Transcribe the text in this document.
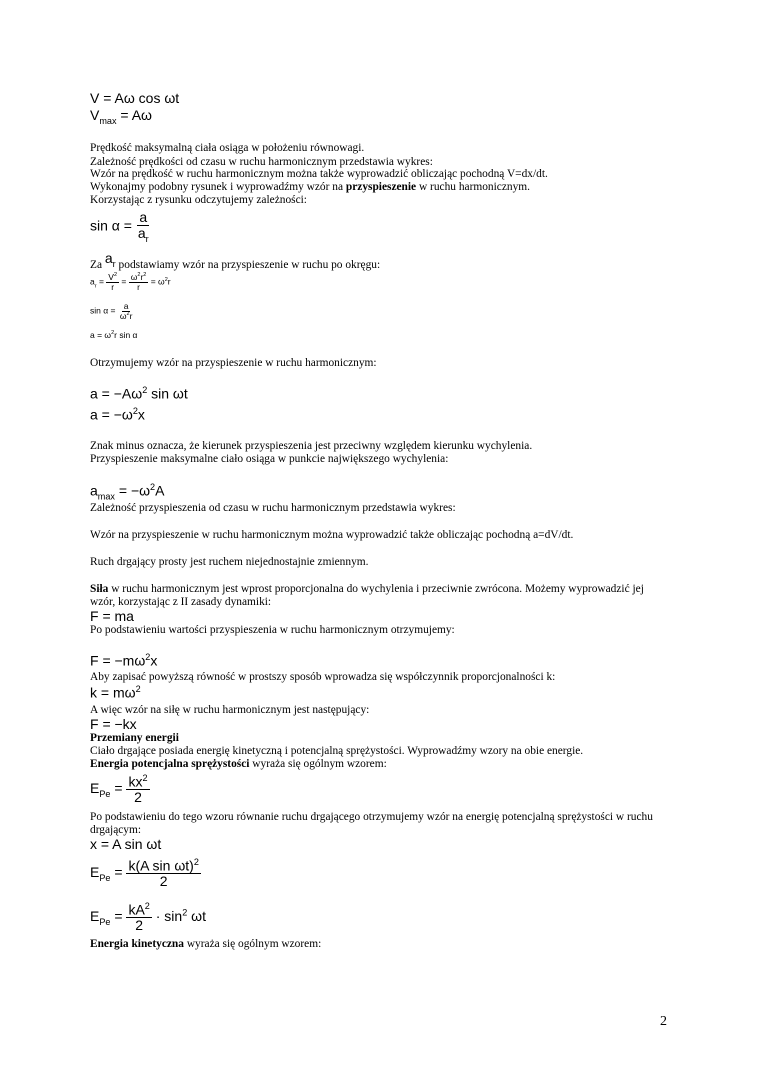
V = Aω cos ωt
$V_{max} = A\omega$
Prędkość maksymalną ciała osiąga w położeniu równowagi.
Zależność prędkości od czasu w ruchu harmonicznym przedstawia wykres:
Wzór na prędkość w ruchu harmonicznym można także wyprowadzić obliczając pochodną V=dx/dt.
Wykonajmy podobny rysunek i wyprowadźmy wzór na przyspieszenie w ruchu harmonicznym.
Korzystając z rysunku odczytujemy zależności:
$\sin \alpha = \frac{a}{a_r}$
Za $a_r$ podstawiamy wzór na przyspieszenie w ruchu po okręgu:
$a_r = \frac{V^2}{r} = \frac{\omega^2r^2}{r} = \omega^2r$
$\sin \alpha = \frac{a}{\omega^2r}$
$a = \omega^2r$ sin α
Otrzymujemy wzór na przyspieszenie w ruchu harmonicznym:
$a = -A\omega^2$ sin ωt
$a = -\omega^2x$
Znak minus oznacza, że kierunek przyspieszenia jest przeciwny względem kierunku wychylenia.
Przyspieszenie maksymalne ciało osiąga w punkcie największego wychylenia:
$a_{max} = -\omega^2A$
Zależność przyspieszenia od czasu w ruchu harmonicznym przedstawia wykres:
Wzór na przyspieszenie w ruchu harmonicznym można wyprowadzić także obliczając pochodną a=dV/dt.
Ruch drgający prosty jest ruchem niejednostajnie zmiennym.
Siła w ruchu harmonicznym jest wprost proporcjonalna do wychylenia i przeciwnie zwrócona. Możemy wyprowadzić jej
wzór, korzystając z II zasady dynamiki:
F = ma
Po podstawieniu wartości przyspieszenia w ruchu harmonicznym otrzymujemy:
$F = -m\omega^2x$
Aby zapisać powyższą równość w prostszy sposób wprowadza się współczynnik proporcjonalności k:
$k = m\omega^2$
A więc wzór na siłę w ruchu harmonicznym jest następujący:
F = −kx
Przemiany energii
Ciało drgające posiada energię kinetyczną i potencjalną sprężystości. Wyprowadźmy wzory na obie energie.
Energia potencjalna sprężystości wyraża się ogólnym wzorem:
$E_{Pe} = \frac{kx^2}{2}$
Po podstawieniu do tego wzoru równanie ruchu drgającego otrzymujemy wzór na energię potencjalną sprężystości w ruchu
drgającym:
x = A sin ωt
$E_{Pe} = \frac{k(A \sin \omega t)^2}{2}$
$E_{Pe} = \frac{kA^2}{2} \cdot \sin^2 \omega t$
Energia kinetyczna wyraża się ogólnym wzorem:
2
